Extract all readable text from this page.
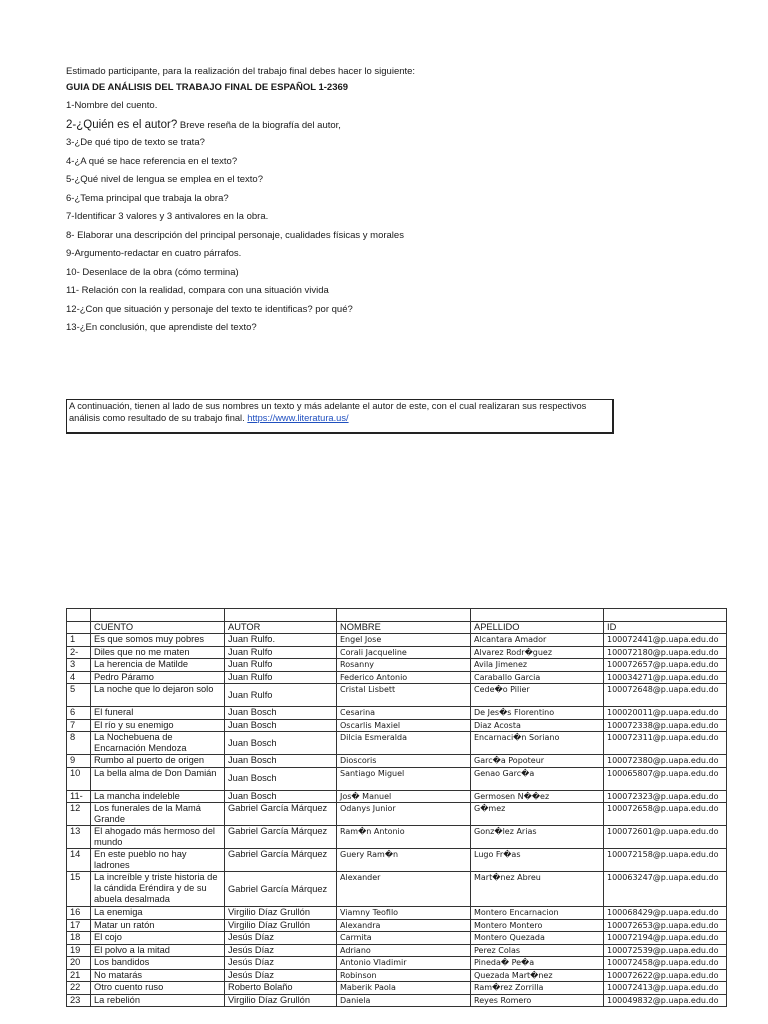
Estimado participante, para la realización del trabajo final debes hacer lo siguiente:

GUIA DE ANÁLISIS DEL TRABAJO FINAL DE ESPAÑOL 1-2369

1-Nombre del cuento.

2-¿Quién es el autor? Breve reseña de la biografía del autor,

3-¿De qué tipo de texto se trata?

4-¿A qué se hace referencia en el texto?

5-¿Qué nivel de lengua se emplea en el texto?

6-¿Tema principal que trabaja la obra?

7-Identificar 3 valores y 3 antivalores en la obra.

8- Elaborar una descripción del principal personaje, cualidades físicas y morales

9-Argumento-redactar en cuatro párrafos.

10- Desenlace de la obra (cómo termina)

11- Relación con la realidad, compara con una situación vivida

12-¿Con que situación y personaje del texto te identificas? por qué?

13-¿En conclusión, que aprendiste del texto?

A continuación, tienen al lado de sus nombres un texto y más adelante el autor de este, con el cual realizaran sus respectivos análisis como resultado de su trabajo final. https://www.literatura.us/

	CUENTO	AUTOR	NOMBRE	APELLIDO	ID
1	Es que somos muy pobres	Juan Rulfo.	Engel Jose	Alcantara Amador	100072441@p.uapa.edu.do
2-	Diles que no me maten	Juan Rulfo	Corali Jacqueline	Alvarez Rodr�guez	100072180@p.uapa.edu.do
3	La herencia de Matilde	Juan Rulfo	Rosanny	Avila Jimenez	100072657@p.uapa.edu.do
4	Pedro Páramo	Juan Rulfo	Federico Antonio	Caraballo Garcia	100034271@p.uapa.edu.do
5	La noche que lo dejaron solo	Juan Rulfo	Cristal Lisbett	Cede�o Pilier	100072648@p.uapa.edu.do
6	El funeral	Juan Bosch	Cesarina	De Jes�s Florentino	100020011@p.uapa.edu.do
7	El río y su enemigo	Juan Bosch	Oscarlis Maxiel	Diaz Acosta	100072338@p.uapa.edu.do
8	La Nochebuena de Encarnación Mendoza	Juan Bosch	Dilcia Esmeralda	Encarnaci�n Soriano	100072311@p.uapa.edu.do
9	Rumbo al puerto de origen	Juan Bosch	Dioscoris	Garc�a Popoteur	100072380@p.uapa.edu.do
10	La bella alma de Don Damián	Juan Bosch	Santiago Miguel	Genao Garc�a	100065807@p.uapa.edu.do
11-	La mancha indeleble	Juan Bosch	Jos� Manuel	Germosen N��ez	100072323@p.uapa.edu.do
12	Los funerales de la Mamá Grande	Gabriel García Márquez	Odanys Junior	G�mez	100072658@p.uapa.edu.do
13	El ahogado más hermoso del mundo	Gabriel García Márquez	Ram�n Antonio	Gonz�lez Arias	100072601@p.uapa.edu.do
14	En este pueblo no hay ladrones	Gabriel García Márquez	Guery Ram�n	Lugo Fr�as	100072158@p.uapa.edu.do
15	La increíble y triste historia de la cándida Eréndira y de su abuela desalmada	Gabriel García Márquez	Alexander	Mart�nez Abreu	100063247@p.uapa.edu.do
16	La enemiga	Virgilio Díaz Grullón	Viamny Teofilo	Montero Encarnacion	100068429@p.uapa.edu.do
17	Matar un ratón	Virgilio Díaz Grullón	Alexandra	Montero Montero	100072653@p.uapa.edu.do
18	El cojo	Jesús Díaz	Carmita	Montero Quezada	100072194@p.uapa.edu.do
19	El polvo a la mitad	Jesús Díaz	Adriano	Perez Colas	100072539@p.uapa.edu.do
20	Los bandidos	Jesús Díaz	Antonio Vladimir	Pineda� Pe�a	100072458@p.uapa.edu.do
21	No matarás	Jesús Díaz	Robinson	Quezada Mart�nez	100072622@p.uapa.edu.do
22	Otro cuento ruso	Roberto Bolaño	Maberik Paola	Ram�rez Zorrilla	100072413@p.uapa.edu.do
23	La rebelión	Virgilio Díaz Grullón	Daniela	Reyes Romero	100049832@p.uapa.edu.do
